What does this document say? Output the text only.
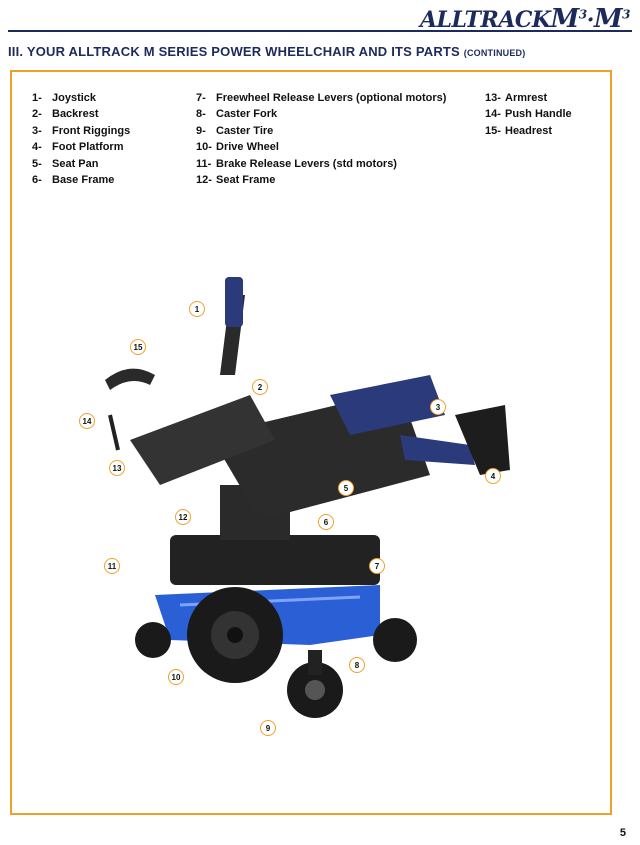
$ALLTRACKM^3\cdot M^3$
III. YOUR ALLTRACK M SERIES POWER WHEELCHAIR AND ITS PARTS (CONTINUED)
1- Joystick
2- Backrest
3- Front Riggings
4- Foot Platform
5- Seat Pan
6- Base Frame
7- Freewheel Release Levers (optional motors)
8- Caster Fork
9- Caster Tire
10- Drive Wheel
11- Brake Release Levers (std motors)
12- Seat Frame
13- Armrest
14- Push Handle
15- Headrest
1
2
3
4
5
6
7
8
9
10
11
12
13
14
15
5
